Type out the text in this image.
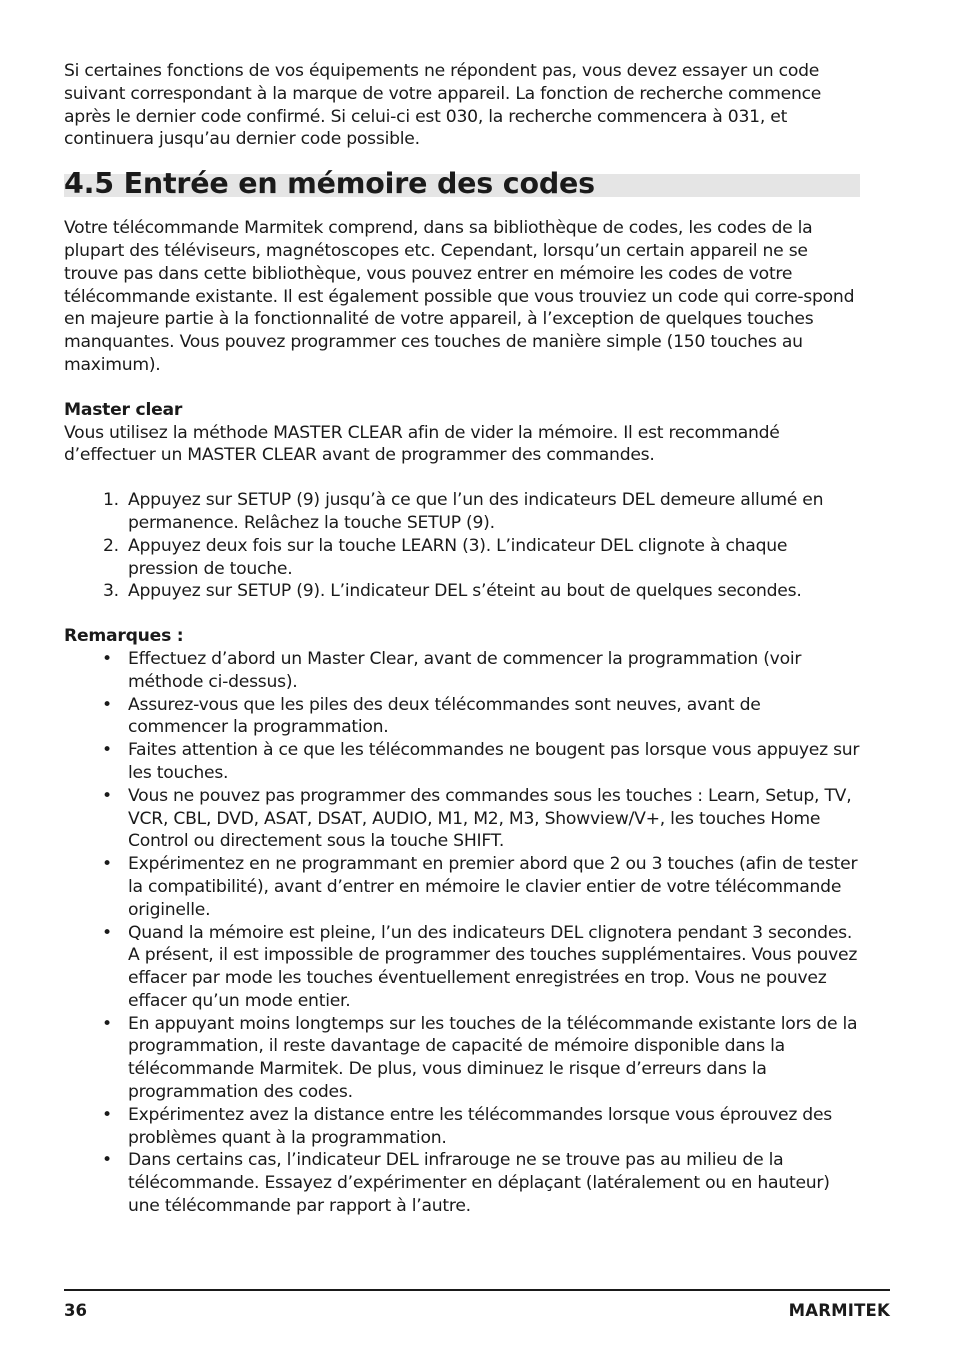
Si certaines fonctions de vos équipements ne répondent pas, vous devez essayer un code suivant correspondant à la marque de votre appareil. La fonction de recherche commence après le dernier code confirmé. Si celui-ci est 030, la recherche commencera à 031, et continuera jusqu’au dernier code possible.

4.5 Entrée en mémoire des codes

Votre télécommande Marmitek comprend, dans sa bibliothèque de codes, les codes de la plupart des téléviseurs, magnétoscopes etc. Cependant, lorsqu’un certain appareil ne se trouve pas dans cette bibliothèque, vous pouvez entrer en mémoire les codes de votre télécommande existante. Il est également possible que vous trouviez un code qui corre-spond en majeure partie à la fonctionnalité de votre appareil, à l’exception de quelques touches manquantes. Vous pouvez programmer ces touches de manière simple (150 touches au maximum).

Master clear

Vous utilisez la méthode MASTER CLEAR afin de vider la mémoire. Il est recommandé d’effectuer un MASTER CLEAR avant de programmer des commandes.

1. Appuyez sur SETUP (9) jusqu’à ce que l’un des indicateurs DEL demeure allumé en permanence. Relâchez la touche SETUP (9).
2. Appuyez deux fois sur la touche LEARN (3). L’indicateur DEL clignote à chaque pression de touche.
3. Appuyez sur SETUP (9). L’indicateur DEL s’éteint au bout de quelques secondes.

Remarques :

• Effectuez d’abord un Master Clear, avant de commencer la programmation (voir méthode ci-dessus).
• Assurez-vous que les piles des deux télécommandes sont neuves, avant de commencer la programmation.
• Faites attention à ce que les télécommandes ne bougent pas lorsque vous appuyez sur les touches.
• Vous ne pouvez pas programmer des commandes sous les touches : Learn, Setup, TV, VCR, CBL, DVD, ASAT, DSAT, AUDIO, M1, M2, M3, Showview/V+, les touches Home Control ou directement sous la touche SHIFT.
• Expérimentez en ne programmant en premier abord que 2 ou 3 touches (afin de tester la compatibilité), avant d’entrer en mémoire le clavier entier de votre télécommande originelle.
• Quand la mémoire est pleine, l’un des indicateurs DEL clignotera pendant 3 secondes. A présent, il est impossible de programmer des touches supplémentaires. Vous pouvez effacer par mode les touches éventuellement enregistrées en trop. Vous ne pouvez effacer qu’un mode entier.
• En appuyant moins longtemps sur les touches de la télécommande existante lors de la programmation, il reste davantage de capacité de mémoire disponible dans la télécommande Marmitek. De plus, vous diminuez le risque d’erreurs dans la programmation des codes.
• Expérimentez avez la distance entre les télécommandes lorsque vous éprouvez des problèmes quant à la programmation.
• Dans certains cas, l’indicateur DEL infrarouge ne se trouve pas au milieu de la télécommande. Essayez d’expérimenter en déplaçant (latéralement ou en hauteur) une télécommande par rapport à l’autre.
36	MARMITEK
